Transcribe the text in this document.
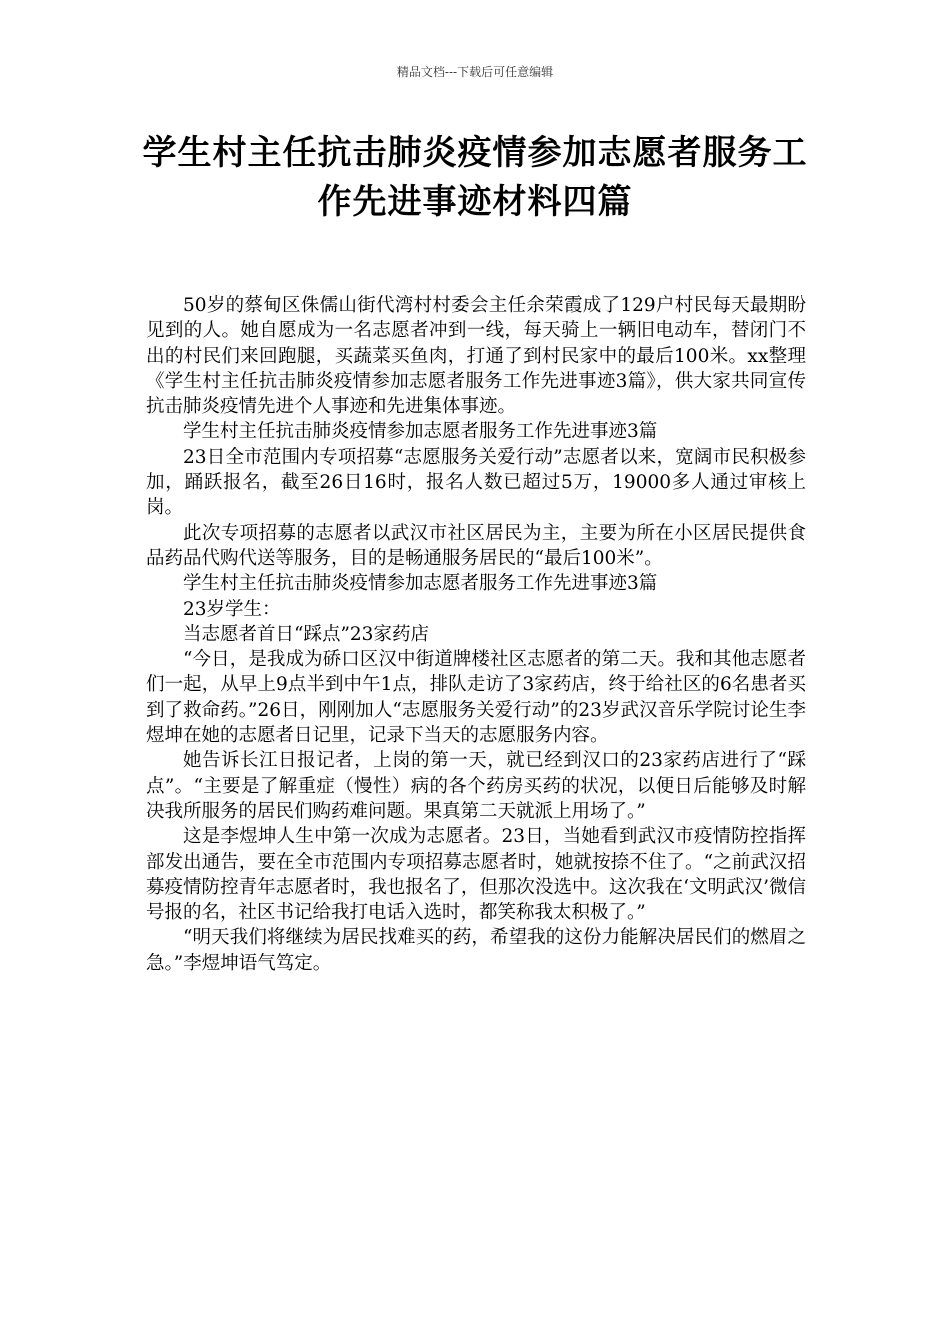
精品文档---下载后可任意编辑
学生村主任抗击肺炎疫情参加志愿者服务工作先进事迹材料四篇

50岁的蔡甸区侏儒山街代湾村村委会主任余荣霞成了129户村民每天最期盼见到的人。她自愿成为一名志愿者冲到一线，每天骑上一辆旧电动车，替闭门不出的村民们来回跑腿，买蔬菜买鱼肉，打通了到村民家中的最后100米。xx整理《学生村主任抗击肺炎疫情参加志愿者服务工作先进事迹3篇》，供大家共同宣传抗击肺炎疫情先进个人事迹和先进集体事迹。

学生村主任抗击肺炎疫情参加志愿者服务工作先进事迹3篇

23日全市范围内专项招募“志愿服务关爱行动”志愿者以来，宽阔市民积极参加，踊跃报名，截至26日16时，报名人数已超过5万，19000多人通过审核上岗。

此次专项招募的志愿者以武汉市社区居民为主，主要为所在小区居民提供食品药品代购代送等服务，目的是畅通服务居民的“最后100米”。

学生村主任抗击肺炎疫情参加志愿者服务工作先进事迹3篇

23岁学生：

当志愿者首日“踩点”23家药店

“今日，是我成为硚口区汉中街道牌楼社区志愿者的第二天。我和其他志愿者们一起，从早上9点半到中午1点，排队走访了3家药店，终于给社区的6名患者买到了救命药。”26日，刚刚加人“志愿服务关爱行动”的23岁武汉音乐学院讨论生李煜坤在她的志愿者日记里，记录下当天的志愿服务内容。

她告诉长江日报记者，上岗的第一天，就已经到汉口的23家药店进行了“踩点”。“主要是了解重症（慢性）病的各个药房买药的状况，以便日后能够及时解决我所服务的居民们购药难问题。果真第二天就派上用场了。”

这是李煜坤人生中第一次成为志愿者。23日，当她看到武汉市疫情防控指挥部发出通告，要在全市范围内专项招募志愿者时，她就按捺不住了。“之前武汉招募疫情防控青年志愿者时，我也报名了，但那次没选中。这次我在‘文明武汉’微信号报的名，社区书记给我打电话入选时，都笑称我太积极了。”

“明天我们将继续为居民找难买的药，希望我的这份力能解决居民们的燃眉之急。”李煜坤语气笃定。
